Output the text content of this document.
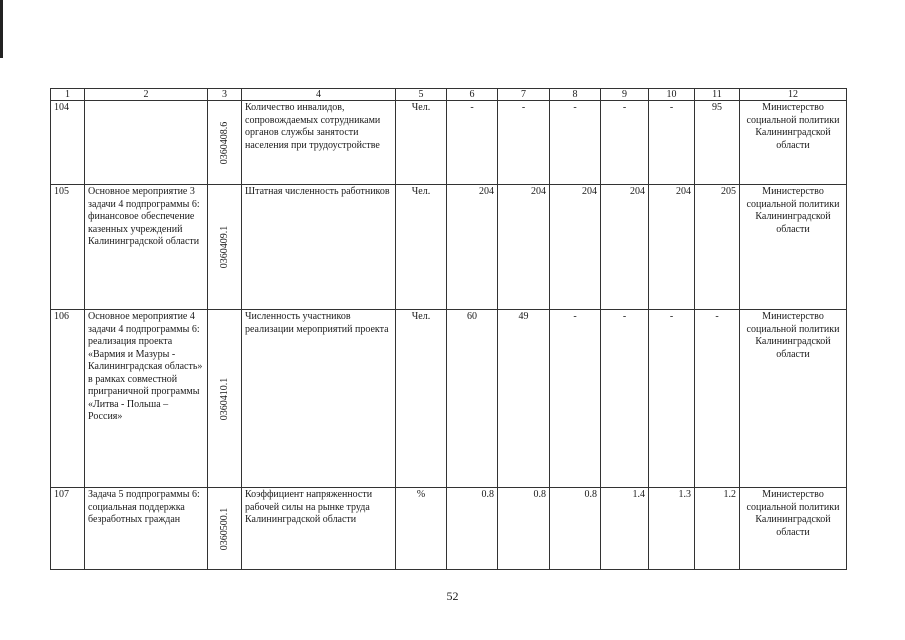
1	2	3	4	5	6	7	8	9	10	11	12
104		0360408.6	Количество инвалидов, сопровождаемых сотрудниками органов службы занятости населения при трудоустройстве	Чел.	-	-	-	-	-	95	Министерство социальной политики Калининградской области
105	Основное мероприятие 3 задачи 4 подпрограммы 6: финансовое обеспечение казенных учреждений Калининградской области	0360409.1	Штатная численность работников	Чел.	204	204	204	204	204	205	Министерство социальной политики Калининградской области
106	Основное мероприятие 4 задачи 4 подпрограммы 6: реализация проекта «Вармия и Мазуры - Калининградская область» в рамках совместной приграничной программы «Литва - Польша – Россия»	0360410.1	Численность участников реализации мероприятий проекта	Чел.	60	49	-	-	-	-	Министерство социальной политики Калининградской области
107	Задача 5 подпрограммы 6: социальная поддержка безработных граждан	0360500.1	Коэффициент напряженности рабочей силы на рынке труда Калининградской области	%	0.8	0.8	0.8	1.4	1.3	1.2	Министерство социальной политики Калининградской области
52
